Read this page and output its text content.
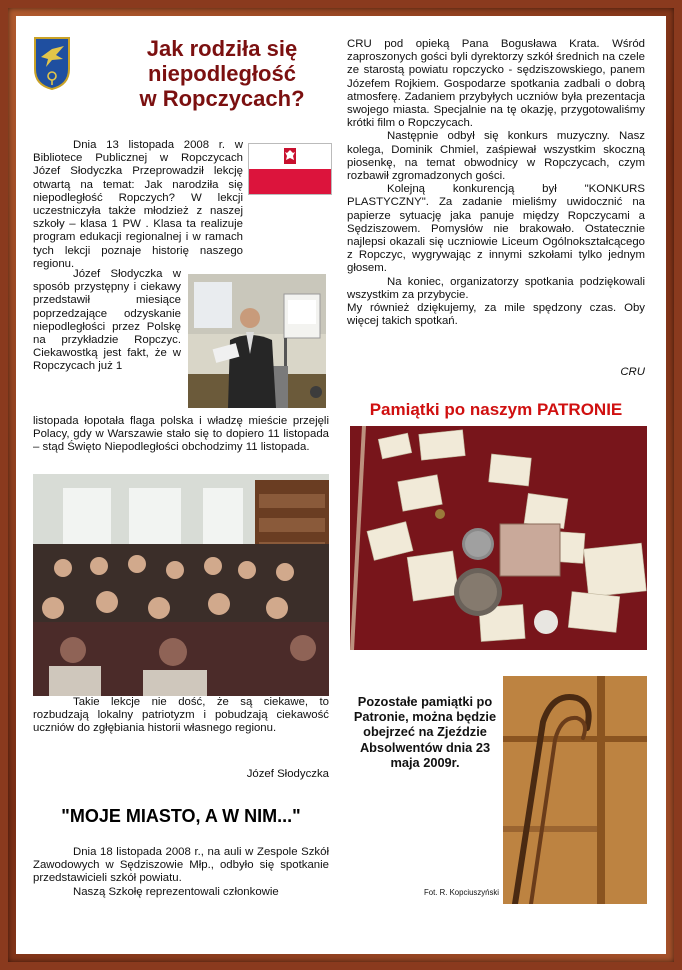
Jak rodziła się
niepodległość
w Ropczycach?

Dnia 13 listopada 2008 r. w Bibliotece Publicznej w Ropczycach Józef Słodyczka Przeprowadził lekcję otwartą na temat: Jak narodziła się niepodległość Ropczych? W lekcji uczestniczyła także młodzież z naszej szkoły – klasa 1 PW . Klasa ta realizuje program edukacji regionalnej i w ramach tych lekcji poznaje historię naszego regionu.

Józef Słodyczka w sposób przystępny i ciekawy przedstawił miesiące poprzedzające odzyskanie niepodległości przez Polskę na przykładzie Ropczyc. Ciekawostką jest fakt, że w Ropczycach już 1

listopada łopotała flaga polska i władzę mieście przejęli Polacy, gdy w Warszawie stało się to dopiero 11 listopada – stąd Święto Niepodległości obchodzimy 11 listopada.

Takie lekcje nie dość, że są ciekawe, to rozbudzają lokalny patriotyzm i pobudzają ciekawość uczniów do zgłębiania historii własnego regionu.

Józef Słodyczka
"MOJE MIASTO, A W NIM..."

Dnia 18 listopada 2008 r., na auli w Zespole Szkół Zawodowych w Sędziszowie Młp., odbyło się spotkanie przedstawicieli szkół powiatu.

Naszą Szkołę reprezentowali członkowie

CRU pod opieką Pana Bogusława Krata. Wśród zaproszonych gości byli dyrektorzy szkół średnich na czele ze starostą powiatu ropczycko - sędziszowskiego, panem Józefem Rojkiem. Gospodarze spotkania zadbali o dobrą atmosferę. Zadaniem przybyłych uczniów była prezentacja swojego miasta. Specjalnie na tę okazję, przygotowaliśmy krótki film o Ropczycach.

Następnie odbył się konkurs muzyczny. Nasz kolega, Dominik Chmiel, zaśpiewał wszystkim skoczną piosenkę, na temat obwodnicy w Ropczycach, czym rozbawił zgromadzonych gości.

Kolejną konkurencją był "KONKURS PLASTYCZNY". Za zadanie mieliśmy uwidocznić na papierze sytuację jaka panuje między Ropczycami a Sędziszowem. Pomysłów nie brakowało. Ostatecznie najlepsi okazali się uczniowie Liceum Ogólnokształcącego z Ropczyc, wygrywając z innymi szkołami tylko jednym głosem.

Na koniec, organizatorzy spotkania podziękowali wszystkim za przybycie.

My również dziękujemy, za mile spędzony czas. Oby więcej takich spotkań.

CRU
Pamiątki po naszym PATRONIE
Pozostałe pamiątki po Patronie, można będzie obejrzeć na Zjeździe Absolwentów dnia 23 maja 2009r.
Fot. R. Kopciuszyński
